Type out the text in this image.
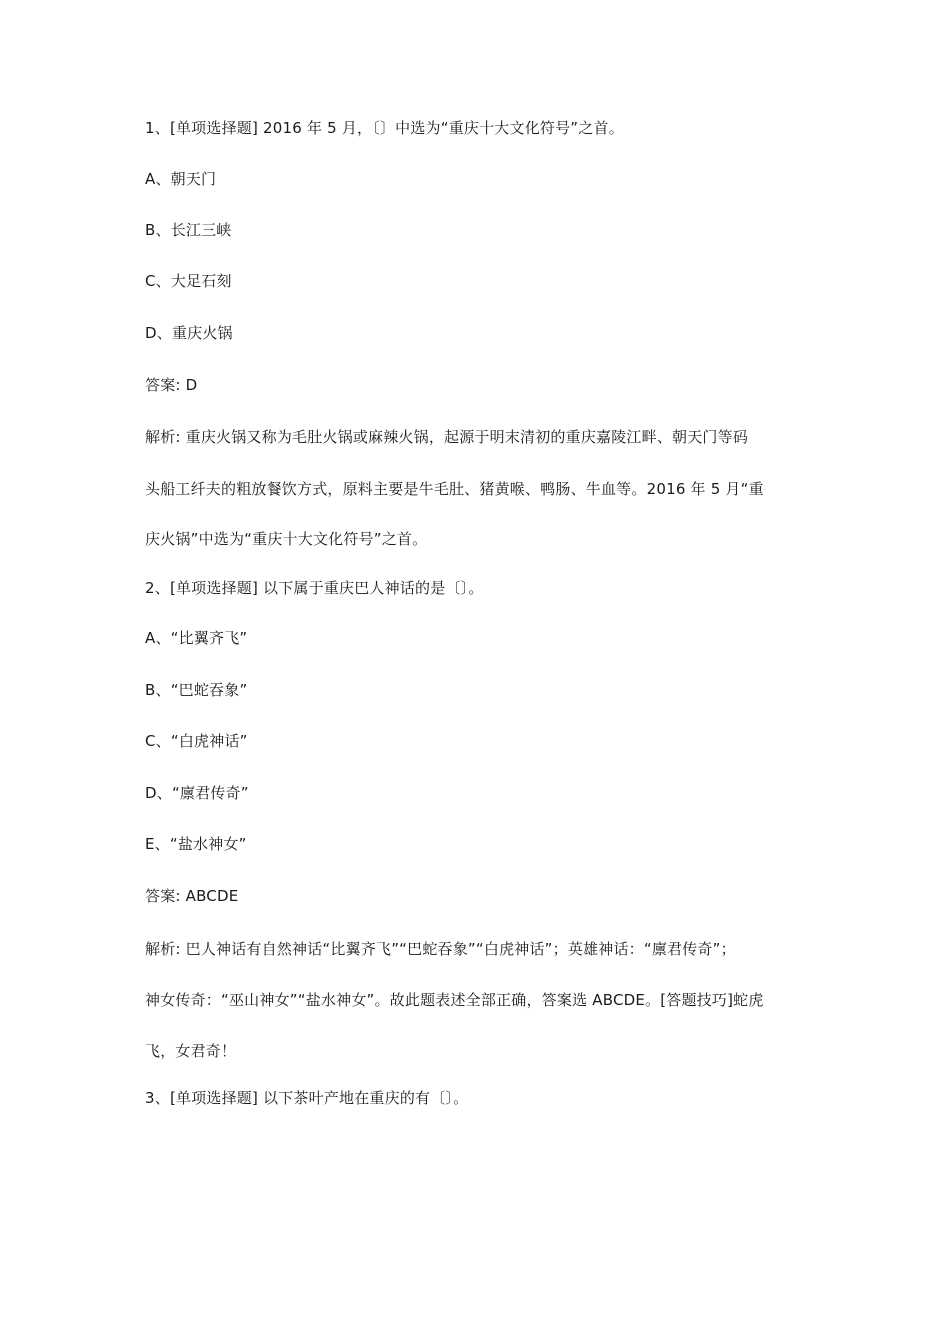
1、[单项选择题] 2016 年 5 月，〔〕中选为“重庆十大文化符号”之首。
A、朝天门
B、长江三峡
C、大足石刻
D、重庆火锅
答案: D
解析: 重庆火锅又称为毛肚火锅或麻辣火锅，起源于明末清初的重庆嘉陵江畔、朝天门等码
头船工纤夫的粗放餐饮方式，原料主要是牛毛肚、猪黄喉、鸭肠、牛血等。2016 年 5 月“重
庆火锅”中选为“重庆十大文化符号”之首。
2、[单项选择题] 以下属于重庆巴人神话的是〔〕。
A、“比翼齐飞”
B、“巴蛇吞象”
C、“白虎神话”
D、“廪君传奇”
E、“盐水神女”
答案: ABCDE
解析: 巴人神话有自然神话“比翼齐飞”“巴蛇吞象”“白虎神话”；英雄神话：“廪君传奇”；
神女传奇：“巫山神女”“盐水神女”。故此题表述全部正确，答案选 ABCDE。[答题技巧]蛇虎
飞，女君奇！
3、[单项选择题] 以下茶叶产地在重庆的有〔〕。
